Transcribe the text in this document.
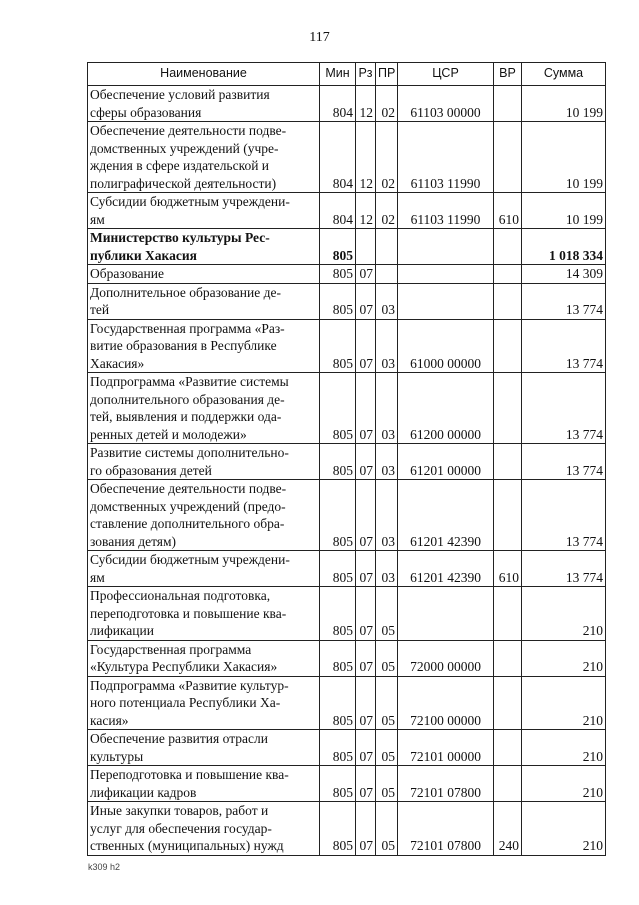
117
Наименование	Мин	Рз	ПР	ЦСР	ВР	Сумма
Обеспечение условий развития
сферы образования	804	12	02	61103 00000		10 199
Обеспечение деятельности подве-
домственных учреждений (учре-
ждения в сфере издательской и
полиграфической деятельности)	804	12	02	61103 11990		10 199
Субсидии бюджетным учреждени-
ям	804	12	02	61103 11990	610	10 199
Министерство культуры Рес-
публики Хакасия	805					1 018 334
Образование	805	07				14 309
Дополнительное образование де-
тей	805	07	03			13 774
Государственная программа «Раз-
витие образования в Республике
Хакасия»	805	07	03	61000 00000		13 774
Подпрограмма «Развитие системы
дополнительного образования де-
тей, выявления и поддержки ода-
ренных детей и молодежи»	805	07	03	61200 00000		13 774
Развитие системы дополнительно-
го образования детей	805	07	03	61201 00000		13 774
Обеспечение деятельности подве-
домственных учреждений (предо-
ставление дополнительного обра-
зования детям)	805	07	03	61201 42390		13 774
Субсидии бюджетным учреждени-
ям	805	07	03	61201 42390	610	13 774
Профессиональная подготовка,
переподготовка и повышение ква-
лификации	805	07	05			210
Государственная программа
«Культура Республики Хакасия»	805	07	05	72000 00000		210
Подпрограмма «Развитие культур-
ного потенциала Республики Ха-
касия»	805	07	05	72100 00000		210
Обеспечение развития отрасли
культуры	805	07	05	72101 00000		210
Переподготовка и повышение ква-
лификации кадров	805	07	05	72101 07800		210
Иные закупки товаров, работ и
услуг для обеспечения государ-
ственных (муниципальных) нужд	805	07	05	72101 07800	240	210
k309 h2
